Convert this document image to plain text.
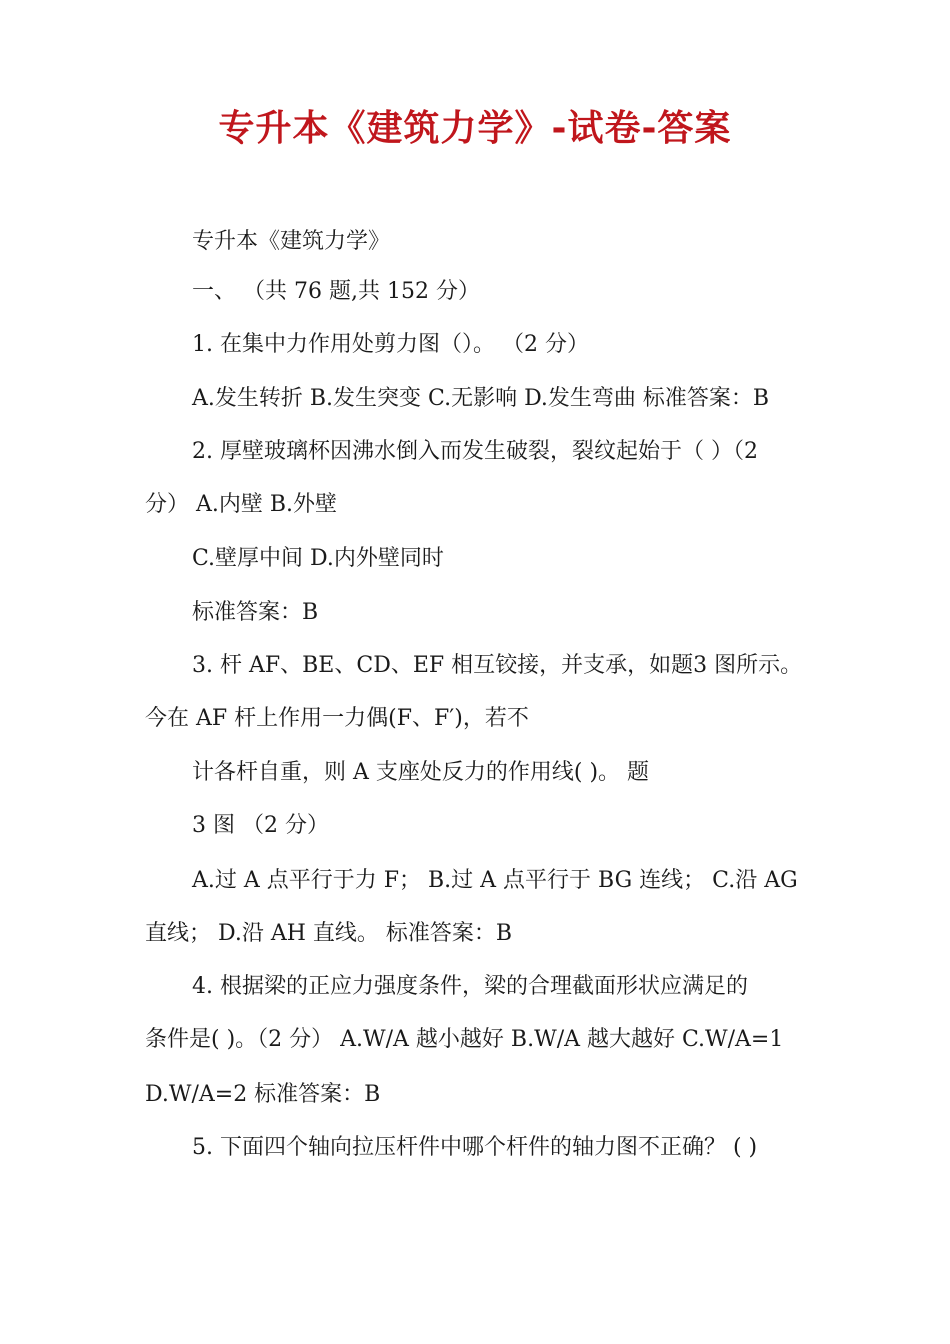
专升本《建筑力学》-试卷-答案
专升本《建筑力学》
一、 （共 76 题,共 152 分）
1. 在集中力作用处剪力图（）。 （2 分）
A.发生转折 B.发生突变 C.无影响 D.发生弯曲 标准答案：B
2. 厚壁玻璃杯因沸水倒入而发生破裂，裂纹起始于（ ）（2
分） A.内壁 B.外壁
C.壁厚中间 D.内外壁同时
标准答案：B
3. 杆 AF、BE、CD、EF 相互铰接，并支承，如题3 图所示。
今在 AF 杆上作用一力偶(F、F′)，若不
计各杆自重，则 A 支座处反力的作用线( )。 题
3 图 （2 分）
A.过 A 点平行于力 F； B.过 A 点平行于 BG 连线； C.沿 AG
直线； D.沿 AH 直线。 标准答案：B
4. 根据梁的正应力强度条件，梁的合理截面形状应满足的
条件是( )。（2 分） A.W/A 越小越好 B.W/A 越大越好 C.W/A=1
D.W/A=2 标准答案：B
5. 下面四个轴向拉压杆件中哪个杆件的轴力图不正确？ ( )
